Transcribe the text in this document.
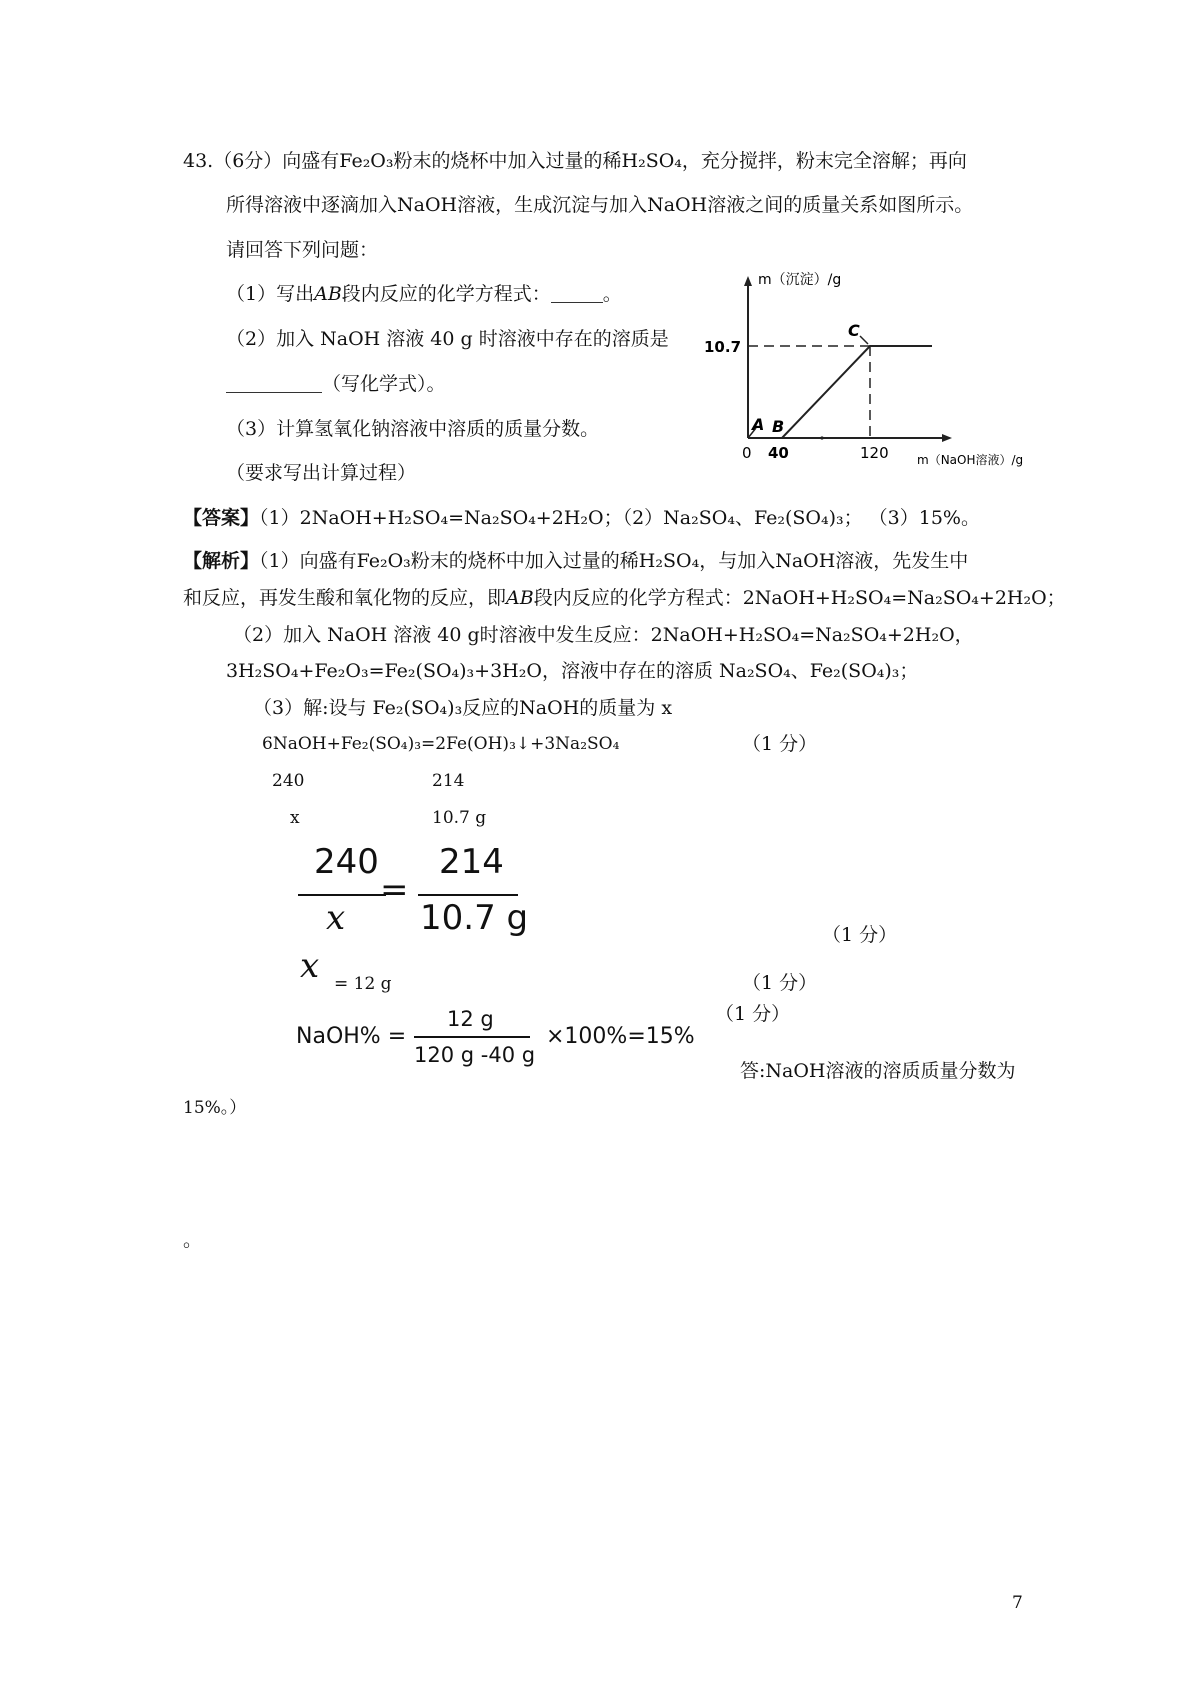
43.（6分）向盛有Fe₂O₃粉末的烧杯中加入过量的稀H₂SO₄，充分搅拌，粉末完全溶解；再向
所得溶液中逐滴加入NaOH溶液，生成沉淀与加入NaOH溶液之间的质量关系如图所示。
请回答下列问题：
（1）写出AB段内反应的化学方程式：	。
（2）加入 NaOH 溶液 40 g 时溶液中存在的溶质是
（写化学式）。
（3）计算氢氧化钠溶液中溶质的质量分数。
（要求写出计算过程）
m（沉淀）/g
m（NaOH溶液）/g
10.7
0 40	120
A B
C
【答案】（1）2NaOH+H₂SO₄=Na₂SO₄+2H₂O；（2）Na₂SO₄、Fe₂(SO₄)₃； （3）15%。
【解析】（1）向盛有Fe₂O₃粉末的烧杯中加入过量的稀H₂SO₄，与加入NaOH溶液，先发生中
和反应，再发生酸和氧化物的反应，即AB段内反应的化学方程式：2NaOH+H₂SO₄=Na₂SO₄+2H₂O；
（2）加入 NaOH 溶液 40 g时溶液中发生反应：2NaOH+H₂SO₄=Na₂SO₄+2H₂O，
3H₂SO₄+Fe₂O₃=Fe₂(SO₄)₃+3H₂O，溶液中存在的溶质 Na₂SO₄、Fe₂(SO₄)₃；
（3）解:设与 Fe₂(SO₄)₃反应的NaOH的质量为 x
6NaOH+Fe₂(SO₄)₃=2Fe(OH)₃↓+3Na₂SO₄	（1 分）
240	214
x	10.7 g
240
x
=
214
10.7 g	（1 分）
x = 12 g	（1 分）
（1 分）
NaOH% =
12 g
120 g -40 g
×100%=15%
答:NaOH溶液的溶质质量分数为
15%。）
。
7
